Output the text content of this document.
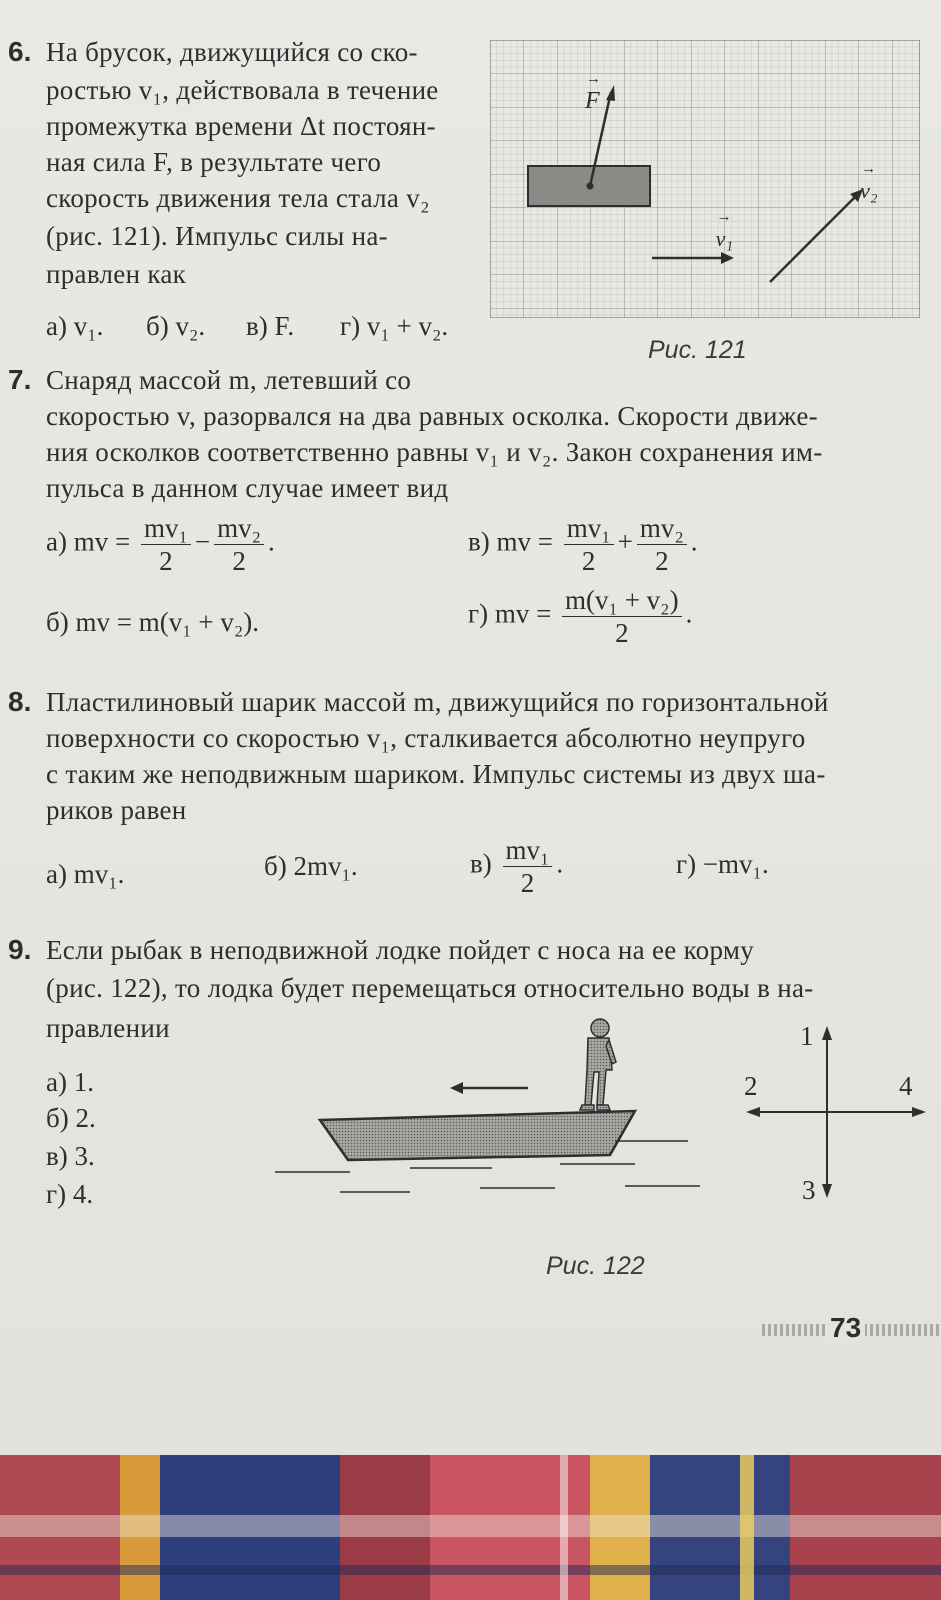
6. На брусок, движущийся со ско-
ростью v₁, действовала в течение
промежутка времени Δt постоян-
ная сила F, в результате чего
скорость движения тела стала v₂
(рис. 121). Импульс силы на-
правлен как
а) v₁. б) v₂. в) F. г) v₁ + v₂.
→ F → v₁ → v₂
Рис. 121
7. Снаряд массой m, летевший со
скоростью v, разорвался на два равных осколка. Скорости движе-
ния осколков соответственно равны v₁ и v₂. Закон сохранения им-
пульса в данном случае имеет вид
а) mv = $\frac{\text{mv₁}}{2} - \frac{\text{mv₂}}{2}$ .	в) mv = $\frac{\text{mv₁}}{2} + \frac{\text{mv₂}}{2}$ .
б) mv = m(v₁ + v₂).	г) mv = $\frac{\text{m(v₁ + v₂)}}{2}$ .
8. Пластилиновый шарик массой m, движущийся по горизонтальной
поверхности со скоростью v₁, сталкивается абсолютно неупруго
с таким же неподвижным шариком. Импульс системы из двух ша-
риков равен
а) mv₁.	б) 2mv₁.	$в) \frac{\text{mv₁}}{2}$ .	г) −mv₁.
9. Если рыбак в неподвижной лодке пойдет с носа на ее корму
(рис. 122), то лодка будет перемещаться относительно воды в на-
правлении
а) 1.
б) 2.
в) 3.
г) 4.
1
2
3
4
Рис. 122
73
